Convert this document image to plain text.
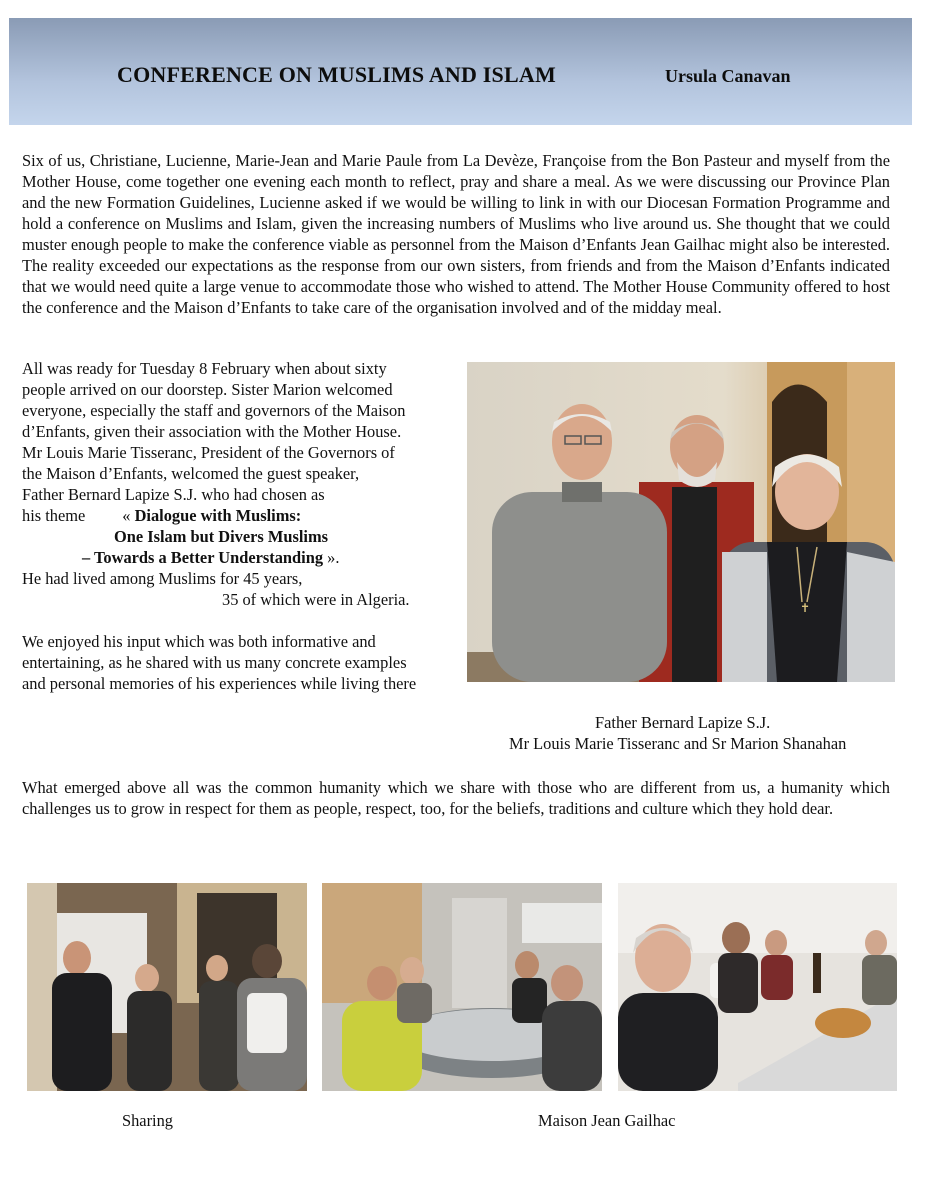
CONFERENCE ON MUSLIMS AND ISLAM	Ursula Canavan

Six of us, Christiane, Lucienne, Marie-Jean and Marie Paule from La Devèze, Françoise from the Bon Pasteur and myself from the Mother House, come together one evening each month to reflect, pray and share a meal. As we were discussing our Province Plan and the new Formation Guidelines, Lucienne asked if we would be willing to link in with our Diocesan Formation Programme and hold a conference on Muslims and Islam, given the increasing numbers of Muslims who live around us. She thought that we could muster enough people to make the conference viable as personnel from the Maison d’Enfants Jean Gailhac might also be interested. The reality exceeded our expectations as the response from our own sisters, from friends and from the Maison d’Enfants indicated that we would need quite a large venue to accommodate those who wished to attend. The Mother House Community offered to host the conference and the Maison d’Enfants to take care of the organisation involved and of the midday meal.

All was ready for Tuesday 8 February when about sixty
people arrived on our doorstep. Sister Marion welcomed
everyone, especially the staff and governors of the Maison
d’Enfants, given their association with the Mother House.
Mr Louis Marie Tisseranc, President of the Governors of
the Maison d’Enfants, welcomed the guest speaker,
Father Bernard Lapize S.J. who had chosen as
his theme « Dialogue with Muslims:
One Islam but Divers Muslims
– Towards a Better Understanding ».
He had lived among Muslims for 45 years,
35 of which were in Algeria.
We enjoyed his input which was both informative and
entertaining, as he shared with us many concrete examples
and personal memories of his experiences while living there
✝
Father Bernard Lapize S.J.
Mr Louis Marie Tisseranc and Sr Marion Shanahan

What emerged above all was the common humanity which we share with those who are different from us, a humanity which challenges us to grow in respect for them as people, respect, too, for the beliefs, traditions and culture which they hold dear.

Sharing	Maison Jean Gailhac
